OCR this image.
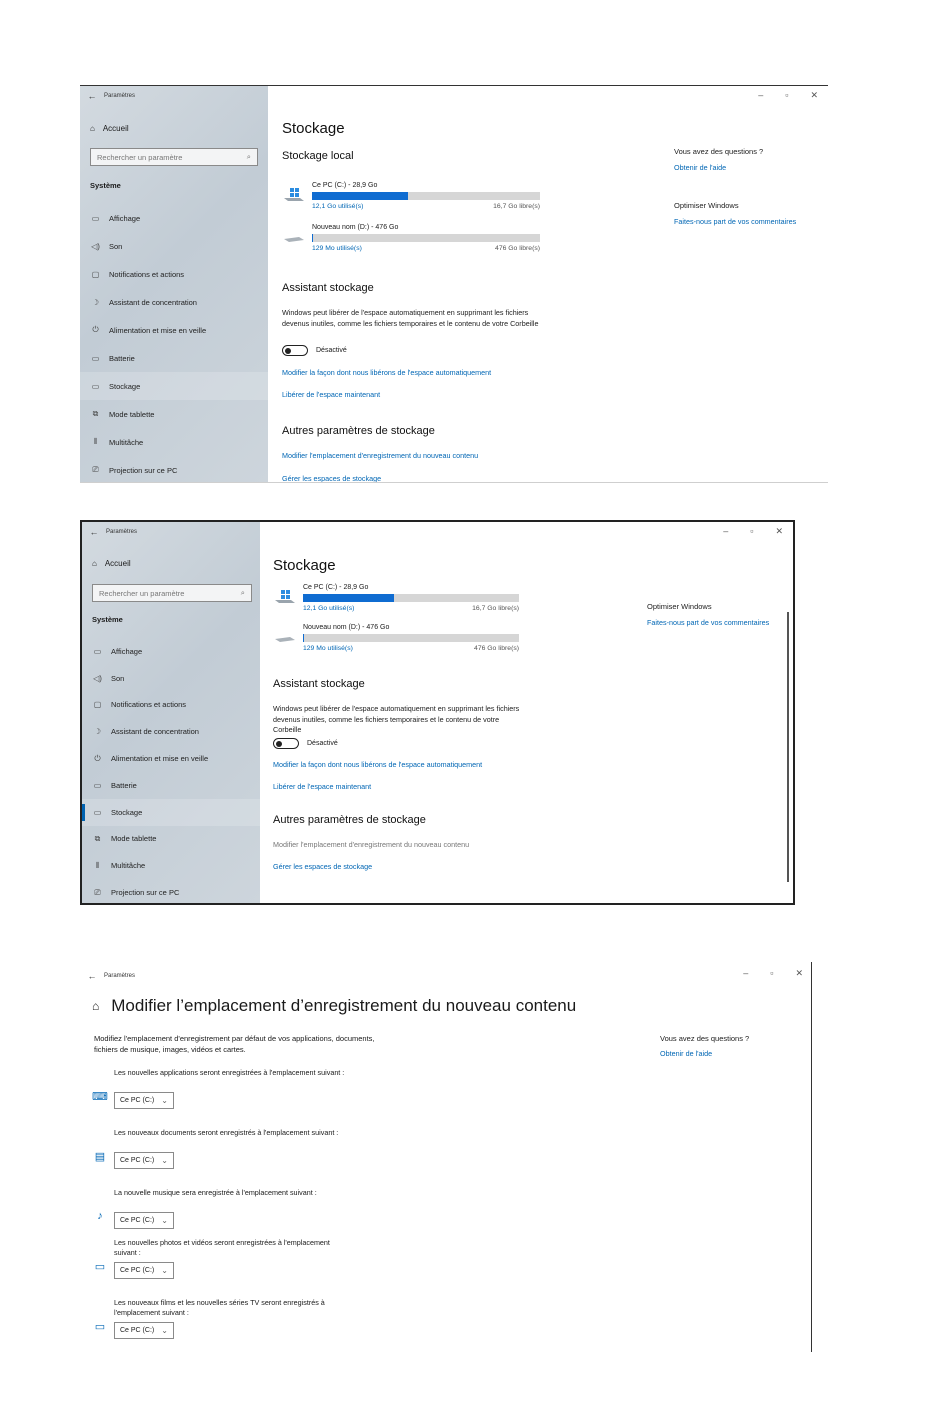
←	Paramètres
⌂ Accueil
Rechercher un paramètre	⌕
Système
▭ Affichage
◁) Son
▢ Notifications et actions
☽ Assistant de concentration
⏻	Alimentation et mise en veille
▭ Batterie
▭ Stockage
⧉	Mode tablette
⫴	Multitâche
⎚	Projection sur ce PC
– ▫ ✕
Stockage
Stockage local
Ce PC (C:) - 28,9 Go
12,1 Go utilisé(s)	16,7 Go libre(s)
Nouveau nom (D:) - 476 Go
129 Mo utilisé(s)	476 Go libre(s)
Assistant stockage
Windows peut libérer de l'espace automatiquement en supprimant les fichiers devenus inutiles, comme les fichiers temporaires et le contenu de votre Corbeille
Désactivé
Modifier la façon dont nous libérons de l'espace automatiquement
Libérer de l'espace maintenant
Autres paramètres de stockage
Modifier l'emplacement d'enregistrement du nouveau contenu
Gérer les espaces de stockage
Vous avez des questions ?
Obtenir de l'aide
Optimiser Windows
Faites-nous part de vos commentaires
←	Paramètres
⌂ Accueil
Rechercher un paramètre	⌕
Système
▭ Affichage
◁) Son
▢ Notifications et actions
☽ Assistant de concentration
⏻	Alimentation et mise en veille
▭ Batterie
▭ Stockage
⧉	Mode tablette
⫴	Multitâche
⎚	Projection sur ce PC
– ▫ ✕
Stockage
Ce PC (C:) - 28,9 Go
12,1 Go utilisé(s)	16,7 Go libre(s)
Nouveau nom (D:) - 476 Go
129 Mo utilisé(s)	476 Go libre(s)
Assistant stockage
Windows peut libérer de l'espace automatiquement en supprimant les fichiers devenus inutiles, comme les fichiers temporaires et le contenu de votre Corbeille
Désactivé
Modifier la façon dont nous libérons de l'espace automatiquement
Libérer de l'espace maintenant
Autres paramètres de stockage
Modifier l'emplacement d'enregistrement du nouveau contenu
Gérer les espaces de stockage
Optimiser Windows
Faites-nous part de vos commentaires
←	Paramètres	– ▫ ✕
⌂ Modifier l’emplacement d’enregistrement du nouveau contenu
Modifiez l'emplacement d'enregistrement par défaut de vos applications, documents, fichiers de musique, images, vidéos et cartes.
Vous avez des questions ?
Obtenir de l'aide
Les nouvelles applications seront enregistrées à l'emplacement suivant :
⌨ Ce PC (C:) ⌄
Les nouveaux documents seront enregistrés à l'emplacement suivant :
▤	Ce PC (C:) ⌄
La nouvelle musique sera enregistrée à l'emplacement suivant :
♪	Ce PC (C:) ⌄
Les nouvelles photos et vidéos seront enregistrées à l'emplacement suivant :
▭	Ce PC (C:) ⌄
Les nouveaux films et les nouvelles séries TV seront enregistrés à l'emplacement suivant :
▭	Ce PC (C:) ⌄
